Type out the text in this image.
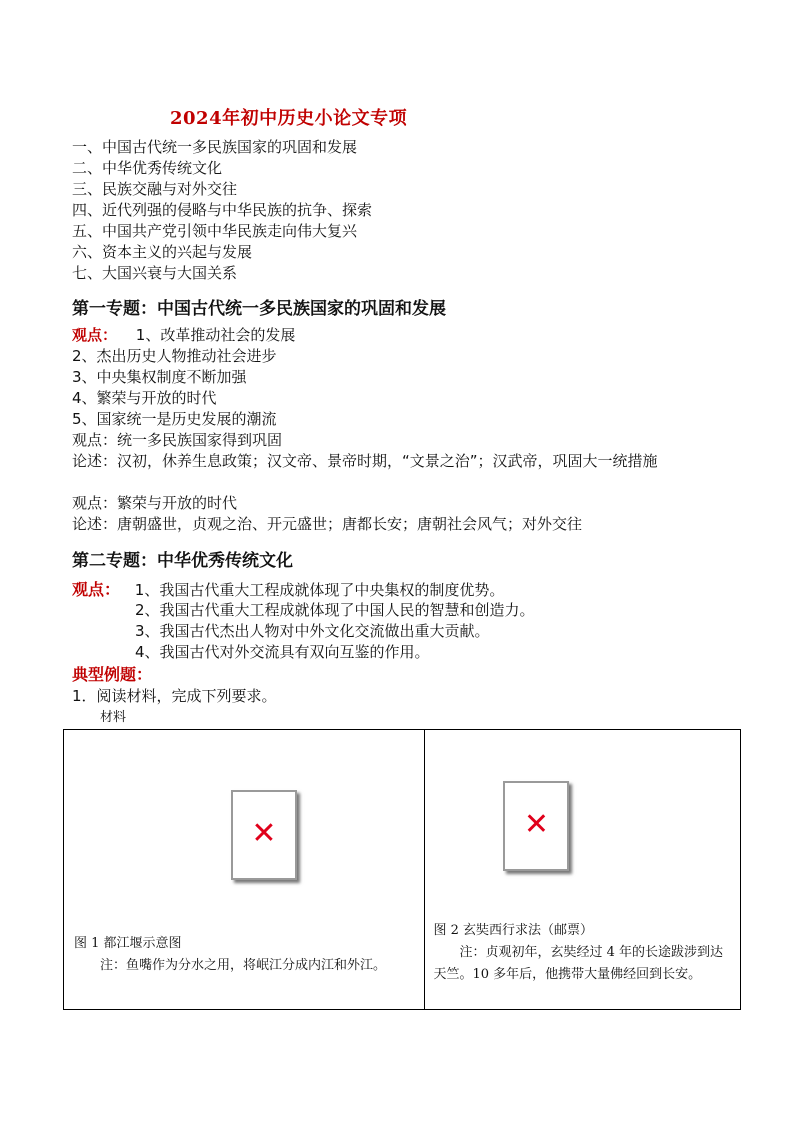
2024年初中历史小论文专项
一、中国古代统一多民族国家的巩固和发展
二、中华优秀传统文化
三、民族交融与对外交往
四、近代列强的侵略与中华民族的抗争、探索
五、中国共产党引领中华民族走向伟大复兴
六、资本主义的兴起与发展
七、大国兴衰与大国关系
第一专题：中国古代统一多民族国家的巩固和发展
观点： 1、改革推动社会的发展
2、杰出历史人物推动社会进步
3、中央集权制度不断加强
4、繁荣与开放的时代
5、国家统一是历史发展的潮流
观点：统一多民族国家得到巩固
论述：汉初，休养生息政策；汉文帝、景帝时期，“文景之治”；汉武帝，巩固大一统措施
观点：繁荣与开放的时代
论述：唐朝盛世，贞观之治、开元盛世；唐都长安；唐朝社会风气；对外交往
第二专题：中华优秀传统文化
观点： 1、我国古代重大工程成就体现了中央集权的制度优势。
2、我国古代重大工程成就体现了中国人民的智慧和创造力。
3、我国古代杰出人物对中外文化交流做出重大贡献。
4、我国古代对外交流具有双向互鉴的作用。
典型例题：
1．阅读材料，完成下列要求。
材料
✕
图 1 都江堰示意图
注：鱼嘴作为分水之用，将岷江分成内江和外江。

✕
图 2 玄奘西行求法（邮票）
注：贞观初年，玄奘经过 4 年的长途跋涉到达天竺。10 多年后，他携带大量佛经回到长安。
